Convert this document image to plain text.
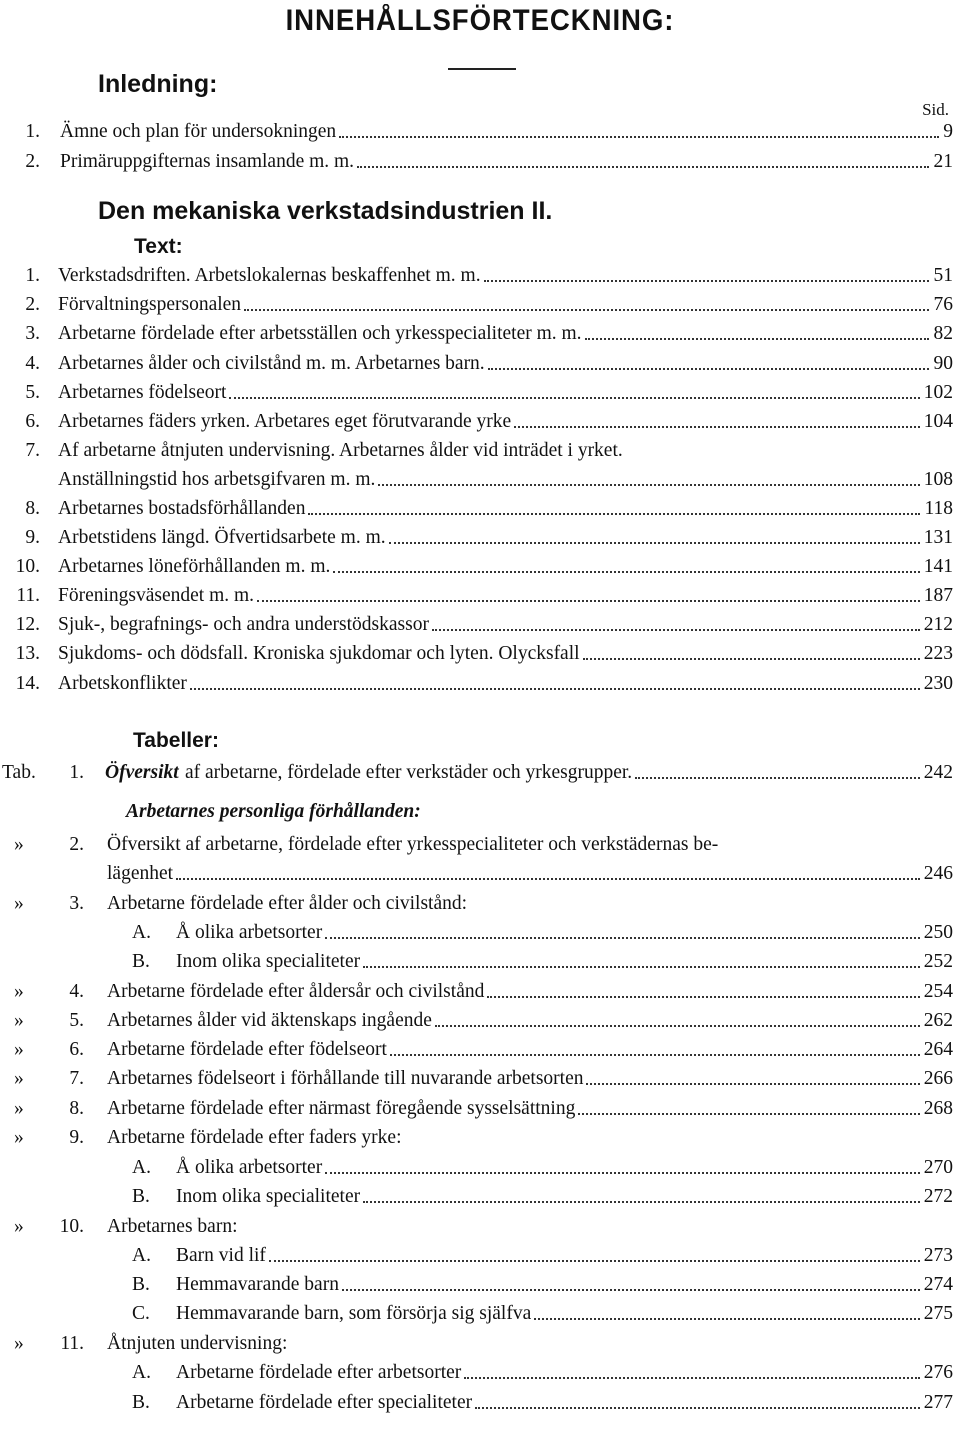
INNEHÅLLSFÖRTECKNING:
Inledning:
Sid.
1. Ämne och plan för undersokningen	9
2. Primäruppgifternas insamlande m. m.	21
Den mekaniska verkstadsindustrien II.
Text:
1. Verkstadsdriften. Arbetslokalernas beskaffenhet m. m.	51
2. Förvaltningspersonalen	76
3. Arbetarne fördelade efter arbetsställen och yrkesspecialiteter m. m.	82
4. Arbetarnes ålder och civilstånd m. m. Arbetarnes barn.	90
5. Arbetarnes födelseort	102
6. Arbetarnes fäders yrken. Arbetares eget förutvarande yrke	104
7. Af arbetarne åtnjuten undervisning. Arbetarnes ålder vid inträdet i yrket.
Anställningstid hos arbetsgifvaren m. m.	108
8. Arbetarnes bostadsförhållanden	118
9. Arbetstidens längd. Öfvertidsarbete m. m.	131
10. Arbetarnes löneförhållanden m. m.	141
11. Föreningsväsendet m. m.	187
12. Sjuk-, begrafnings- och andra understödskassor	212
13. Sjukdoms- och dödsfall. Kroniska sjukdomar och lyten. Olycksfall	223
14. Arbetskonflikter	230
Tabeller:
Tab.	1. Öfversikt af arbetarne, fördelade efter verkstäder och yrkesgrupper.	242
Arbetarnes personliga förhållanden:
»	2. Öfversikt af arbetarne, fördelade efter yrkesspecialiteter och verkstädernas be-
lägenhet	246
»	3. Arbetarne fördelade efter ålder och civilstånd:
A. Å olika arbetsorter	250
B. Inom olika specialiteter	252
»	4. Arbetarne fördelade efter åldersår och civilstånd	254
»	5. Arbetarnes ålder vid äktenskaps ingående	262
»	6. Arbetarne fördelade efter födelseort	264
»	7. Arbetarnes födelseort i förhållande till nuvarande arbetsorten	266
»	8. Arbetarne fördelade efter närmast föregående sysselsättning	268
»	9. Arbetarne fördelade efter faders yrke:
A. Å olika arbetsorter	270
B. Inom olika specialiteter	272
»	10. Arbetarnes barn:
A. Barn vid lif	273
B. Hemmavarande barn	274
C. Hemmavarande barn, som försörja sig själfva	275
»	11. Åtnjuten undervisning:
A. Arbetarne fördelade efter arbetsorter	276
B. Arbetarne fördelade efter specialiteter	277
